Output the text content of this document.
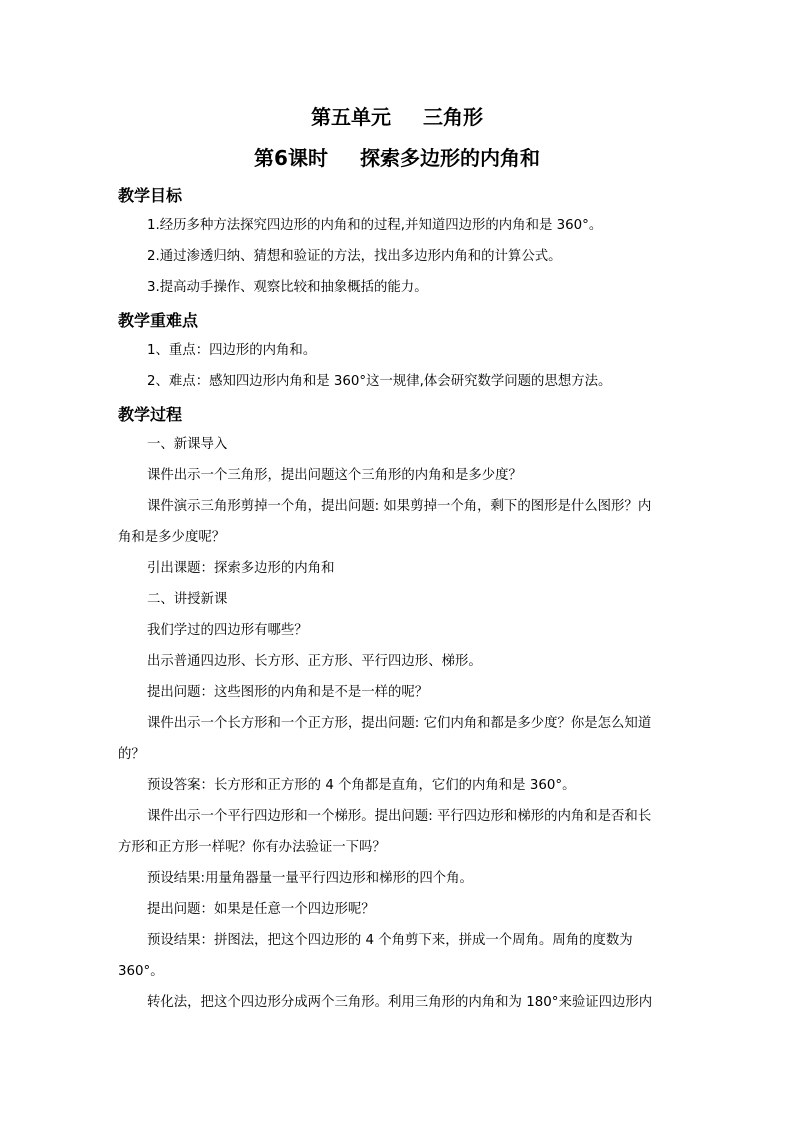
第五单元 三角形
第6课时 探索多边形的内角和
教学目标
1.经历多种方法探究四边形的内角和的过程,并知道四边形的内角和是 360°。
2.通过渗透归纳、猜想和验证的方法，找出多边形内角和的计算公式。
3.提高动手操作、观察比较和抽象概括的能力。
教学重难点
1、重点：四边形的内角和。
2、难点：感知四边形内角和是 360°这一规律,体会研究数学问题的思想方法。
教学过程
一、新课导入
课件出示一个三角形，提出问题这个三角形的内角和是多少度？
课件演示三角形剪掉一个角，提出问题: 如果剪掉一个角，剩下的图形是什么图形？内
角和是多少度呢？
引出课题：探索多边形的内角和
二、讲授新课
我们学过的四边形有哪些？
出示普通四边形、长方形、正方形、平行四边形、梯形。
提出问题：这些图形的内角和是不是一样的呢？
课件出示一个长方形和一个正方形，提出问题: 它们内角和都是多少度？你是怎么知道
的？
预设答案：长方形和正方形的 4 个角都是直角，它们的内角和是 360°。
课件出示一个平行四边形和一个梯形。提出问题: 平行四边形和梯形的内角和是否和长
方形和正方形一样呢？你有办法验证一下吗？
预设结果:用量角器量一量平行四边形和梯形的四个角。
提出问题：如果是任意一个四边形呢？
预设结果：拼图法，把这个四边形的 4 个角剪下来，拼成一个周角。周角的度数为
360°。
转化法，把这个四边形分成两个三角形。利用三角形的内角和为 180°来验证四边形内
